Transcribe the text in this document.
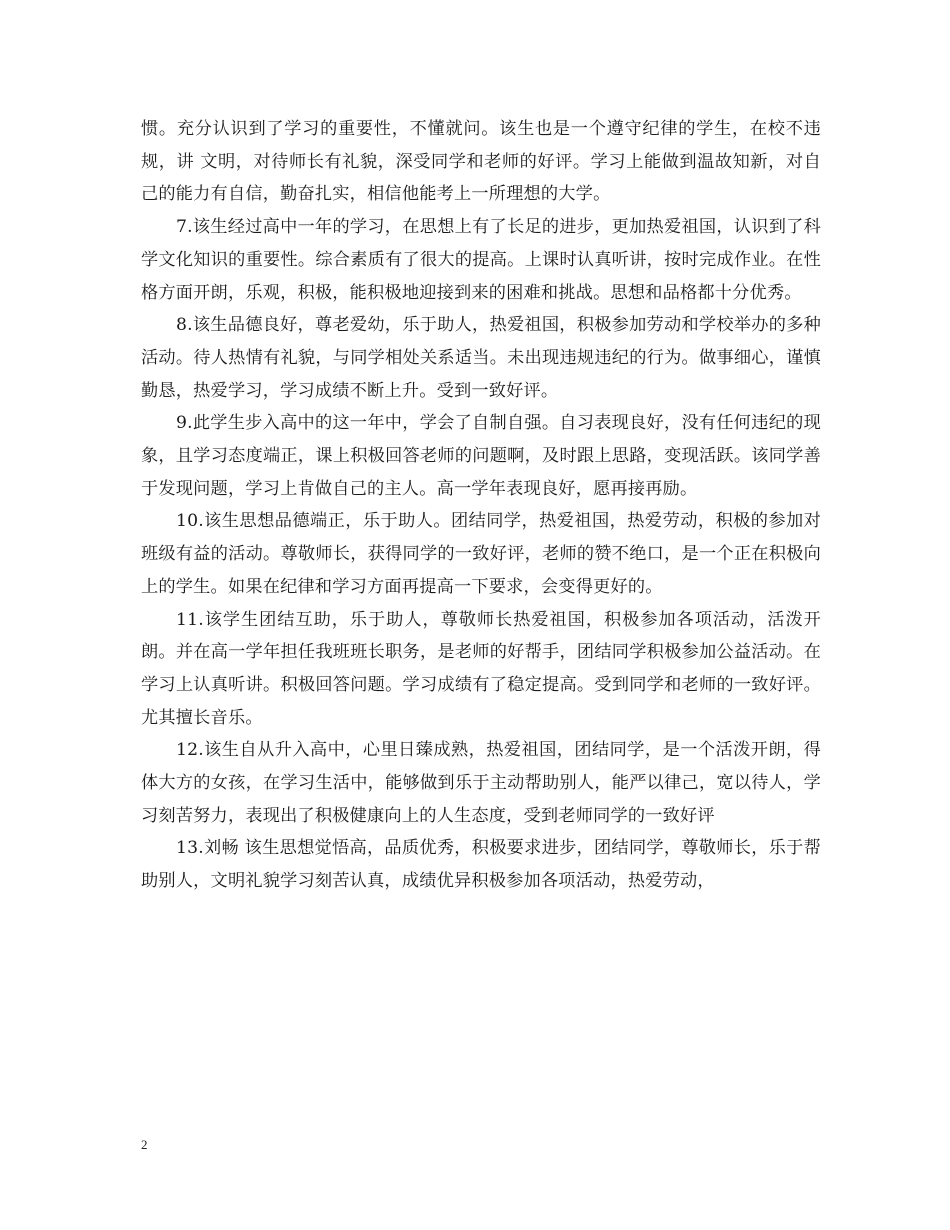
惯。充分认识到了学习的重要性，不懂就问。该生也是一个遵守纪律的学生，在校不违规，讲 文明，对待师长有礼貌，深受同学和老师的好评。学习上能做到温故知新，对自己的能力有自信，勤奋扎实，相信他能考上一所理想的大学。

7.该生经过高中一年的学习，在思想上有了长足的进步，更加热爱祖国，认识到了科学文化知识的重要性。综合素质有了很大的提高。上课时认真听讲，按时完成作业。在性格方面开朗，乐观，积极，能积极地迎接到来的困难和挑战。思想和品格都十分优秀。

8.该生品德良好，尊老爱幼，乐于助人，热爱祖国，积极参加劳动和学校举办的多种活动。待人热情有礼貌，与同学相处关系适当。未出现违规违纪的行为。做事细心，谨慎勤恳，热爱学习，学习成绩不断上升。受到一致好评。

9.此学生步入高中的这一年中，学会了自制自强。自习表现良好，没有任何违纪的现象，且学习态度端正，课上积极回答老师的问题啊，及时跟上思路，变现活跃。该同学善于发现问题，学习上肯做自己的主人。高一学年表现良好，愿再接再励。

10.该生思想品德端正，乐于助人。团结同学，热爱祖国，热爱劳动，积极的参加对班级有益的活动。尊敬师长，获得同学的一致好评，老师的赞不绝口，是一个正在积极向上的学生。如果在纪律和学习方面再提高一下要求，会变得更好的。

11.该学生团结互助，乐于助人，尊敬师长热爱祖国，积极参加各项活动，活泼开朗。并在高一学年担任我班班长职务，是老师的好帮手，团结同学积极参加公益活动。在学习上认真听讲。积极回答问题。学习成绩有了稳定提高。受到同学和老师的一致好评。尤其擅长音乐。

12.该生自从升入高中，心里日臻成熟，热爱祖国，团结同学，是一个活泼开朗，得体大方的女孩，在学习生活中，能够做到乐于主动帮助别人，能严以律己，宽以待人，学习刻苦努力，表现出了积极健康向上的人生态度，受到老师同学的一致好评

13.刘畅 该生思想觉悟高，品质优秀，积极要求进步，团结同学，尊敬师长，乐于帮助别人，文明礼貌学习刻苦认真，成绩优异积极参加各项活动，热爱劳动，

2
